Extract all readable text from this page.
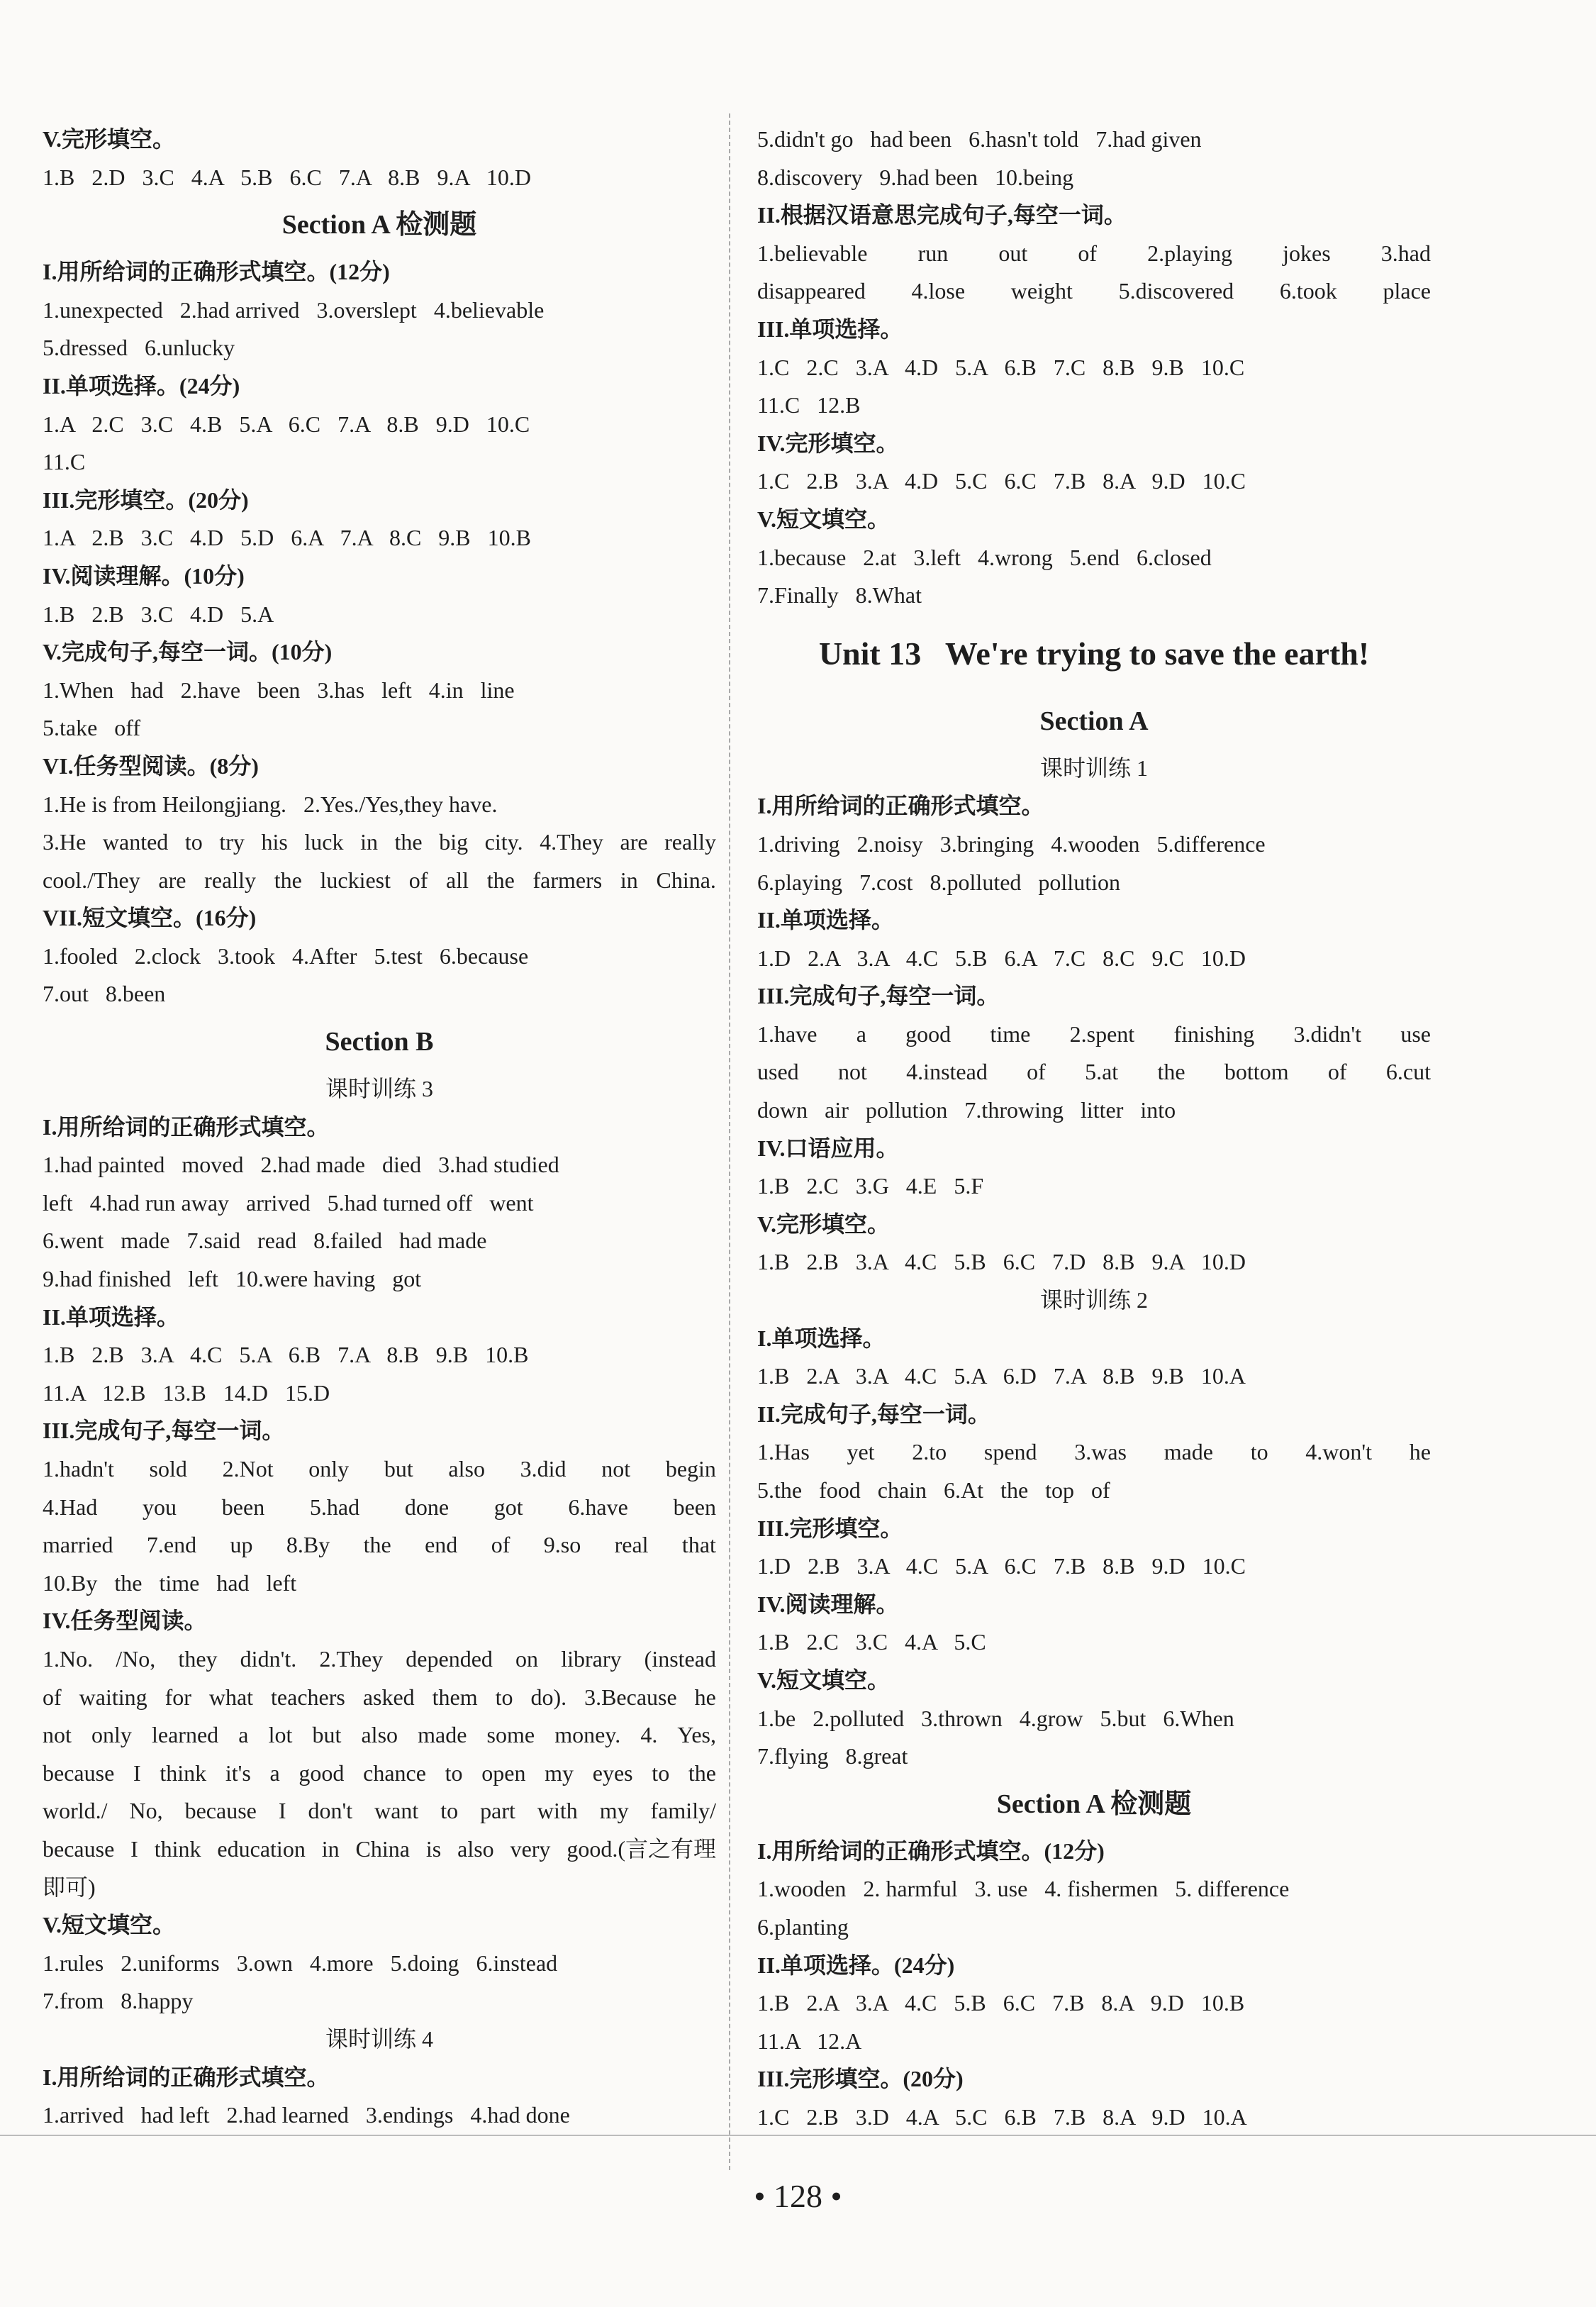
V.完形填空。
1.B   2.D   3.C   4.A   5.B   6.C   7.A   8.B   9.A   10.D
Section A 检测题
I.用所给词的正确形式填空。(12分)
1.unexpected   2.had arrived   3.overslept   4.believable
5.dressed   6.unlucky
II.单项选择。(24分)
1.A   2.C   3.C   4.B   5.A   6.C   7.A   8.B   9.D   10.C
11.C
III.完形填空。(20分)
1.A   2.B   3.C   4.D   5.D   6.A   7.A   8.C   9.B   10.B
IV.阅读理解。(10分)
1.B   2.B   3.C   4.D   5.A
V.完成句子,每空一词。(10分)
1.When   had   2.have   been   3.has   left   4.in   line
5.take   off
VI.任务型阅读。(8分)
1.He is from Heilongjiang.   2.Yes./Yes,they have.
3.He wanted to try his luck in the big city. 4.They are really
cool./They are really the luckiest of all the farmers in China.
VII.短文填空。(16分)
1.fooled   2.clock   3.took   4.After   5.test   6.because
7.out   8.been
Section B
课时训练 3
I.用所给词的正确形式填空。
1.had painted   moved   2.had made   died   3.had studied
left   4.had run away   arrived   5.had turned off   went
6.went   made   7.said   read   8.failed   had made
9.had finished   left   10.were having   got
II.单项选择。
1.B   2.B   3.A   4.C   5.A   6.B   7.A   8.B   9.B   10.B
11.A   12.B   13.B   14.D   15.D
III.完成句子,每空一词。
1.hadn't sold 2.Not only but also 3.did not begin
4.Had you been 5.had done got 6.have been
married 7.end up 8.By the end of 9.so real that
10.By   the   time   had   left
IV.任务型阅读。
1.No. /No, they didn't. 2.They depended on library (instead
of waiting for what teachers asked them to do). 3.Because he
not only learned a lot but also made some money. 4. Yes,
because I think it's a good chance to open my eyes to the
world./ No, because I don't want to part with my family/
because I think education in China is also very good.(言之有理
即可)
V.短文填空。
1.rules   2.uniforms   3.own   4.more   5.doing   6.instead
7.from   8.happy
课时训练 4
I.用所给词的正确形式填空。
1.arrived   had left   2.had learned   3.endings   4.had done
5.didn't go   had been   6.hasn't told   7.had given
8.discovery   9.had been   10.being
II.根据汉语意思完成句子,每空一词。
1.believable run out of 2.playing jokes 3.had
disappeared 4.lose weight 5.discovered 6.took place
III.单项选择。
1.C   2.C   3.A   4.D   5.A   6.B   7.C   8.B   9.B   10.C
11.C   12.B
IV.完形填空。
1.C   2.B   3.A   4.D   5.C   6.C   7.B   8.A   9.D   10.C
V.短文填空。
1.because   2.at   3.left   4.wrong   5.end   6.closed
7.Finally   8.What
Unit 13   We're trying to save the earth!
Section A
课时训练 1
I.用所给词的正确形式填空。
1.driving   2.noisy   3.bringing   4.wooden   5.difference
6.playing   7.cost   8.polluted   pollution
II.单项选择。
1.D   2.A   3.A   4.C   5.B   6.A   7.C   8.C   9.C   10.D
III.完成句子,每空一词。
1.have a good time 2.spent finishing 3.didn't use
used not 4.instead of 5.at the bottom of 6.cut
down   air   pollution   7.throwing   litter   into
IV.口语应用。
1.B   2.C   3.G   4.E   5.F
V.完形填空。
1.B   2.B   3.A   4.C   5.B   6.C   7.D   8.B   9.A   10.D
课时训练 2
I.单项选择。
1.B   2.A   3.A   4.C   5.A   6.D   7.A   8.B   9.B   10.A
II.完成句子,每空一词。
1.Has yet 2.to spend 3.was made to 4.won't he
5.the   food   chain   6.At   the   top   of
III.完形填空。
1.D   2.B   3.A   4.C   5.A   6.C   7.B   8.B   9.D   10.C
IV.阅读理解。
1.B   2.C   3.C   4.A   5.C
V.短文填空。
1.be   2.polluted   3.thrown   4.grow   5.but   6.When
7.flying   8.great
Section A 检测题
I.用所给词的正确形式填空。(12分)
1.wooden   2. harmful   3. use   4. fishermen   5. difference
6.planting
II.单项选择。(24分)
1.B   2.A   3.A   4.C   5.B   6.C   7.B   8.A   9.D   10.B
11.A   12.A
III.完形填空。(20分)
1.C   2.B   3.D   4.A   5.C   6.B   7.B   8.A   9.D   10.A
• 128 •
